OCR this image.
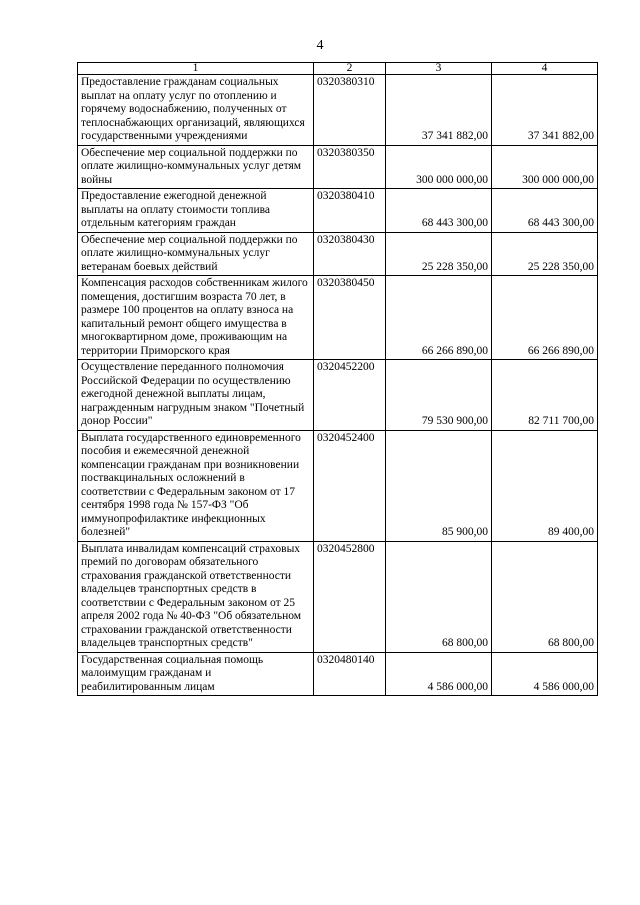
4
1	2	3	4
Предоставление гражданам социальных выплат на оплату услуг по отоплению и горячему водоснабжению, полученных от теплоснабжающих организаций, являющихся государственными учреждениями	0320380310	37 341 882,00	37 341 882,00
Обеспечение мер социальной поддержки по оплате жилищно-коммунальных услуг детям войны	0320380350	300 000 000,00	300 000 000,00
Предоставление ежегодной денежной выплаты на оплату стоимости топлива отдельным категориям граждан	0320380410	68 443 300,00	68 443 300,00
Обеспечение мер социальной поддержки по оплате жилищно-коммунальных услуг ветеранам боевых действий	0320380430	25 228 350,00	25 228 350,00
Компенсация расходов собственникам жилого помещения, достигшим возраста 70 лет, в размере 100 процентов на оплату взноса на капитальный ремонт общего имущества в многоквартирном доме, проживающим на территории Приморского края	0320380450	66 266 890,00	66 266 890,00
Осуществление переданного полномочия Российской Федерации по осуществлению ежегодной денежной выплаты лицам, награжденным нагрудным знаком "Почетный донор России"	0320452200	79 530 900,00	82 711 700,00
Выплата государственного единовременного пособия и ежемесячной денежной компенсации гражданам при возникновении поствакцинальных осложнений в соответствии с Федеральным законом от 17 сентября 1998 года № 157-ФЗ "Об иммунопрофилактике инфекционных болезней"	0320452400	85 900,00	89 400,00
Выплата инвалидам компенсаций страховых премий по договорам обязательного страхования гражданской ответственности владельцев транспортных средств в соответствии с Федеральным законом от 25 апреля 2002 года № 40-ФЗ "Об обязательном страховании гражданской ответственности владельцев транспортных средств"	0320452800	68 800,00	68 800,00
Государственная социальная помощь малоимущим гражданам и реабилитированным лицам	0320480140	4 586 000,00	4 586 000,00
